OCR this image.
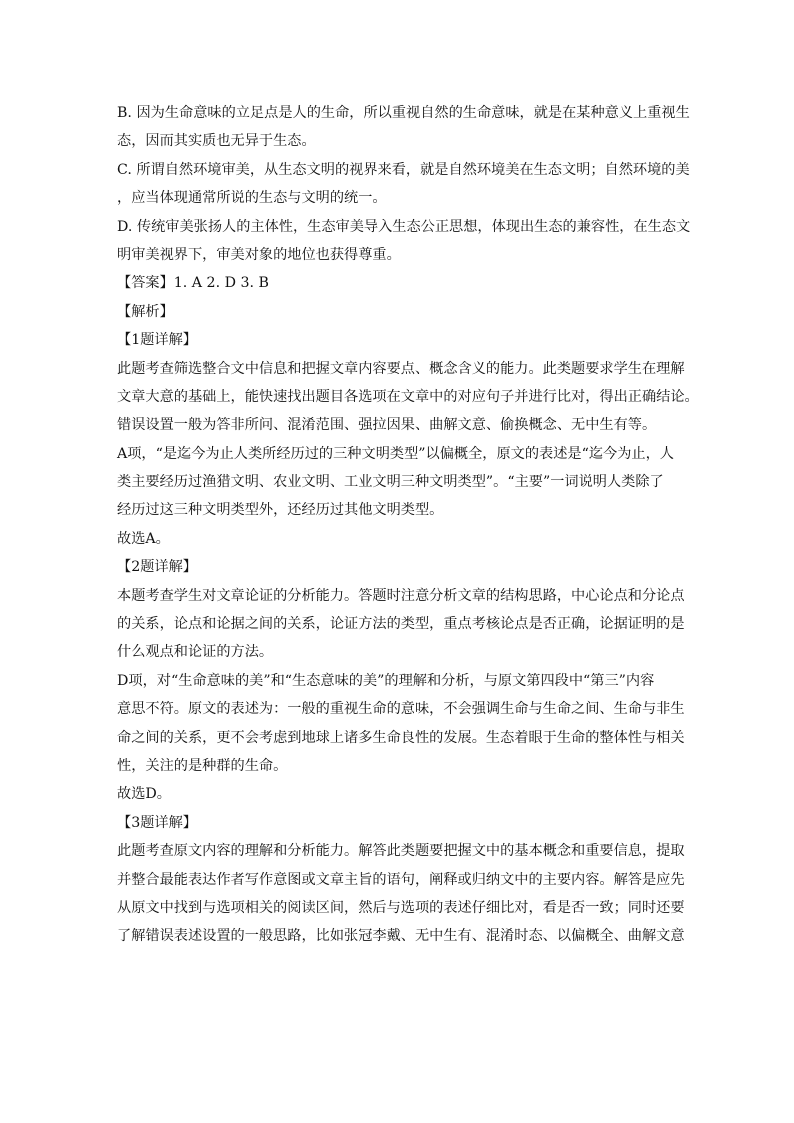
B. 因为生命意味的立足点是人的生命，所以重视自然的生命意味，就是在某种意义上重视生
态，因而其实质也无异于生态。
C. 所谓自然环境审美，从生态文明的视界来看，就是自然环境美在生态文明；自然环境的美
，应当体现通常所说的生态与文明的统一。
D. 传统审美张扬人的主体性，生态审美导入生态公正思想，体现出生态的兼容性，在生态文
明审美视界下，审美对象的地位也获得尊重。
【答案】1. A 2. D 3. B
【解析】
【1题详解】
此题考查筛选整合文中信息和把握文章内容要点、概念含义的能力。此类题要求学生在理解
文章大意的基础上，能快速找出题目各选项在文章中的对应句子并进行比对，得出正确结论。
错误设置一般为答非所问、混淆范围、强拉因果、曲解文意、偷换概念、无中生有等。
A项，“是迄今为止人类所经历过的三种文明类型”以偏概全，原文的表述是“迄今为止，人
类主要经历过渔猎文明、农业文明、工业文明三种文明类型”。“主要”一词说明人类除了
经历过这三种文明类型外，还经历过其他文明类型。
故选A。
【2题详解】
本题考查学生对文章论证的分析能力。答题时注意分析文章的结构思路，中心论点和分论点
的关系，论点和论据之间的关系，论证方法的类型，重点考核论点是否正确，论据证明的是
什么观点和论证的方法。
D项，对“生命意味的美”和“生态意味的美”的理解和分析，与原文第四段中“第三”内容
意思不符。原文的表述为：一般的重视生命的意味，不会强调生命与生命之间、生命与非生
命之间的关系，更不会考虑到地球上诸多生命良性的发展。生态着眼于生命的整体性与相关
性，关注的是种群的生命。
故选D。
【3题详解】
此题考查原文内容的理解和分析能力。解答此类题要把握文中的基本概念和重要信息，提取
并整合最能表达作者写作意图或文章主旨的语句，阐释或归纳文中的主要内容。解答是应先
从原文中找到与选项相关的阅读区间，然后与选项的表述仔细比对，看是否一致；同时还要
了解错误表述设置的一般思路，比如张冠李戴、无中生有、混淆时态、以偏概全、曲解文意
